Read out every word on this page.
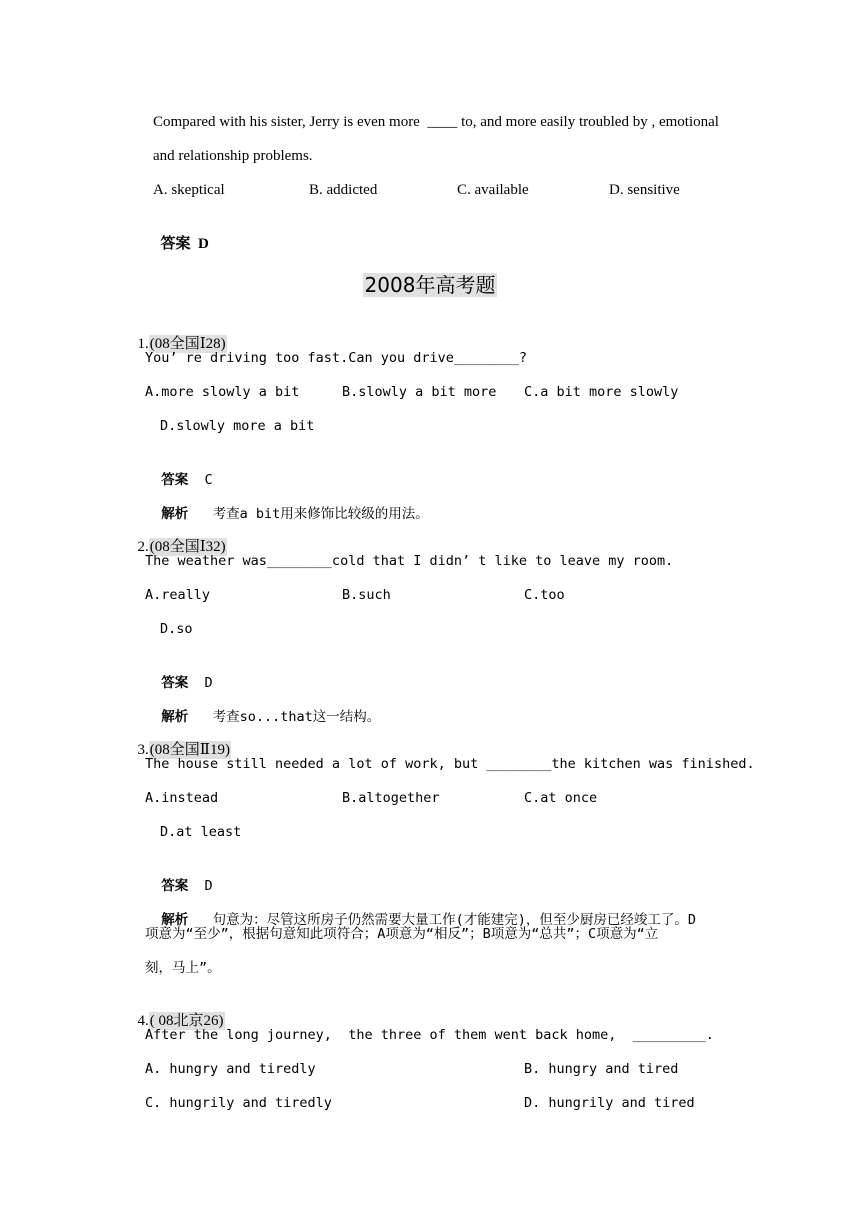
Compared with his sister, Jerry is even more  ____ to, and more easily troubled by , emotional
and relationship problems.
A. skeptical	B. addicted	C. available	D. sensitive

答案 D

2008年高考题

1.(08全国Ⅰ28)

You’ re driving too fast.Can you drive________?
A.more slowly a bit	B.slowly a bit more C.a bit more slowly
D.slowly more a bit

答案 C

解析 考查a bit用来修饰比较级的用法。

2.(08全国Ⅰ32)

The weather was________cold that I didn’ t like to leave my room.
A.really	B.such	C.too
D.so

答案 D

解析 考查so...that这一结构。

3.(08全国Ⅱ19)

The house still needed a lot of work, but ________the kitchen was finished.
A.instead	B.altogether	C.at once
D.at least

答案 D

解析 句意为：尽管这所房子仍然需要大量工作(才能建完)，但至少厨房已经竣工了。D

项意为“至少”，根据句意知此项符合；A项意为“相反”；B项意为“总共”；C项意为“立
刻，马上”。

4.( 08北京26)

After the long journey,  the three of them went back home,  _________.
A. hungry and tiredly	B. hungry and tired
C. hungrily and tiredly	D. hungrily and tired
